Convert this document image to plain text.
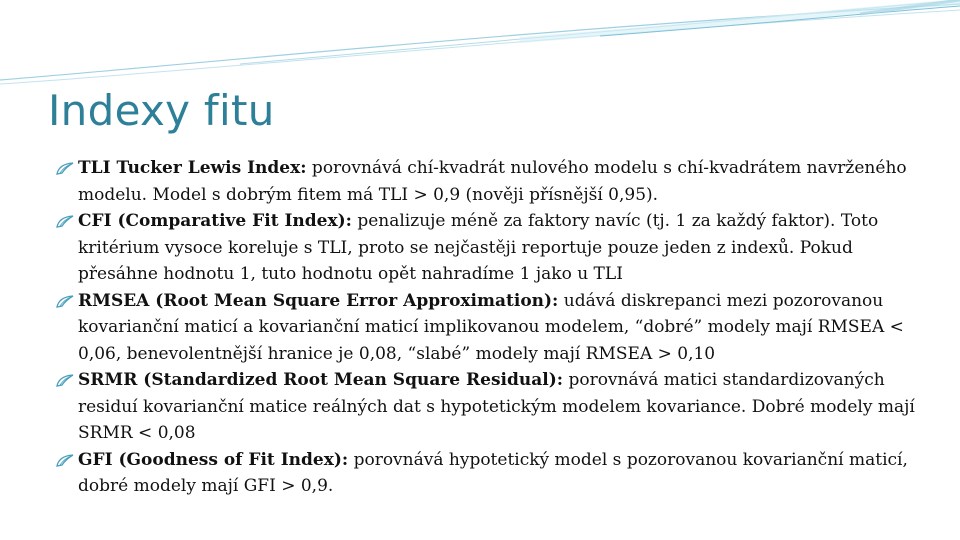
Indexy fitu
TLI Tucker Lewis Index: porovnává chí-kvadrát nulového modelu s chí-kvadrátem navrženého modelu. Model s dobrým fitem má TLI > 0,9 (nověji přísnější 0,95).
CFI (Comparative Fit Index): penalizuje méně za faktory navíc (tj. 1 za každý faktor). Toto kritérium vysoce koreluje s TLI, proto se nejčastěji reportuje pouze jeden z indexů. Pokud přesáhne hodnotu 1, tuto hodnotu opět nahradíme 1 jako u TLI
RMSEA (Root Mean Square Error Approximation): udává diskrepanci mezi pozorovanou kovarianční maticí a kovarianční maticí implikovanou modelem, “dobré” modely mají RMSEA < 0,06, benevolentnější hranice je 0,08, “slabé” modely mají RMSEA > 0,10
SRMR (Standardized Root Mean Square Residual): porovnává matici standardizovaných residuí kovarianční matice reálných dat s hypotetickým modelem kovariance. Dobré modely mají SRMR < 0,08
GFI (Goodness of Fit Index): porovnává hypotetický model s pozorovanou kovarianční maticí, dobré modely mají GFI > 0,9.
